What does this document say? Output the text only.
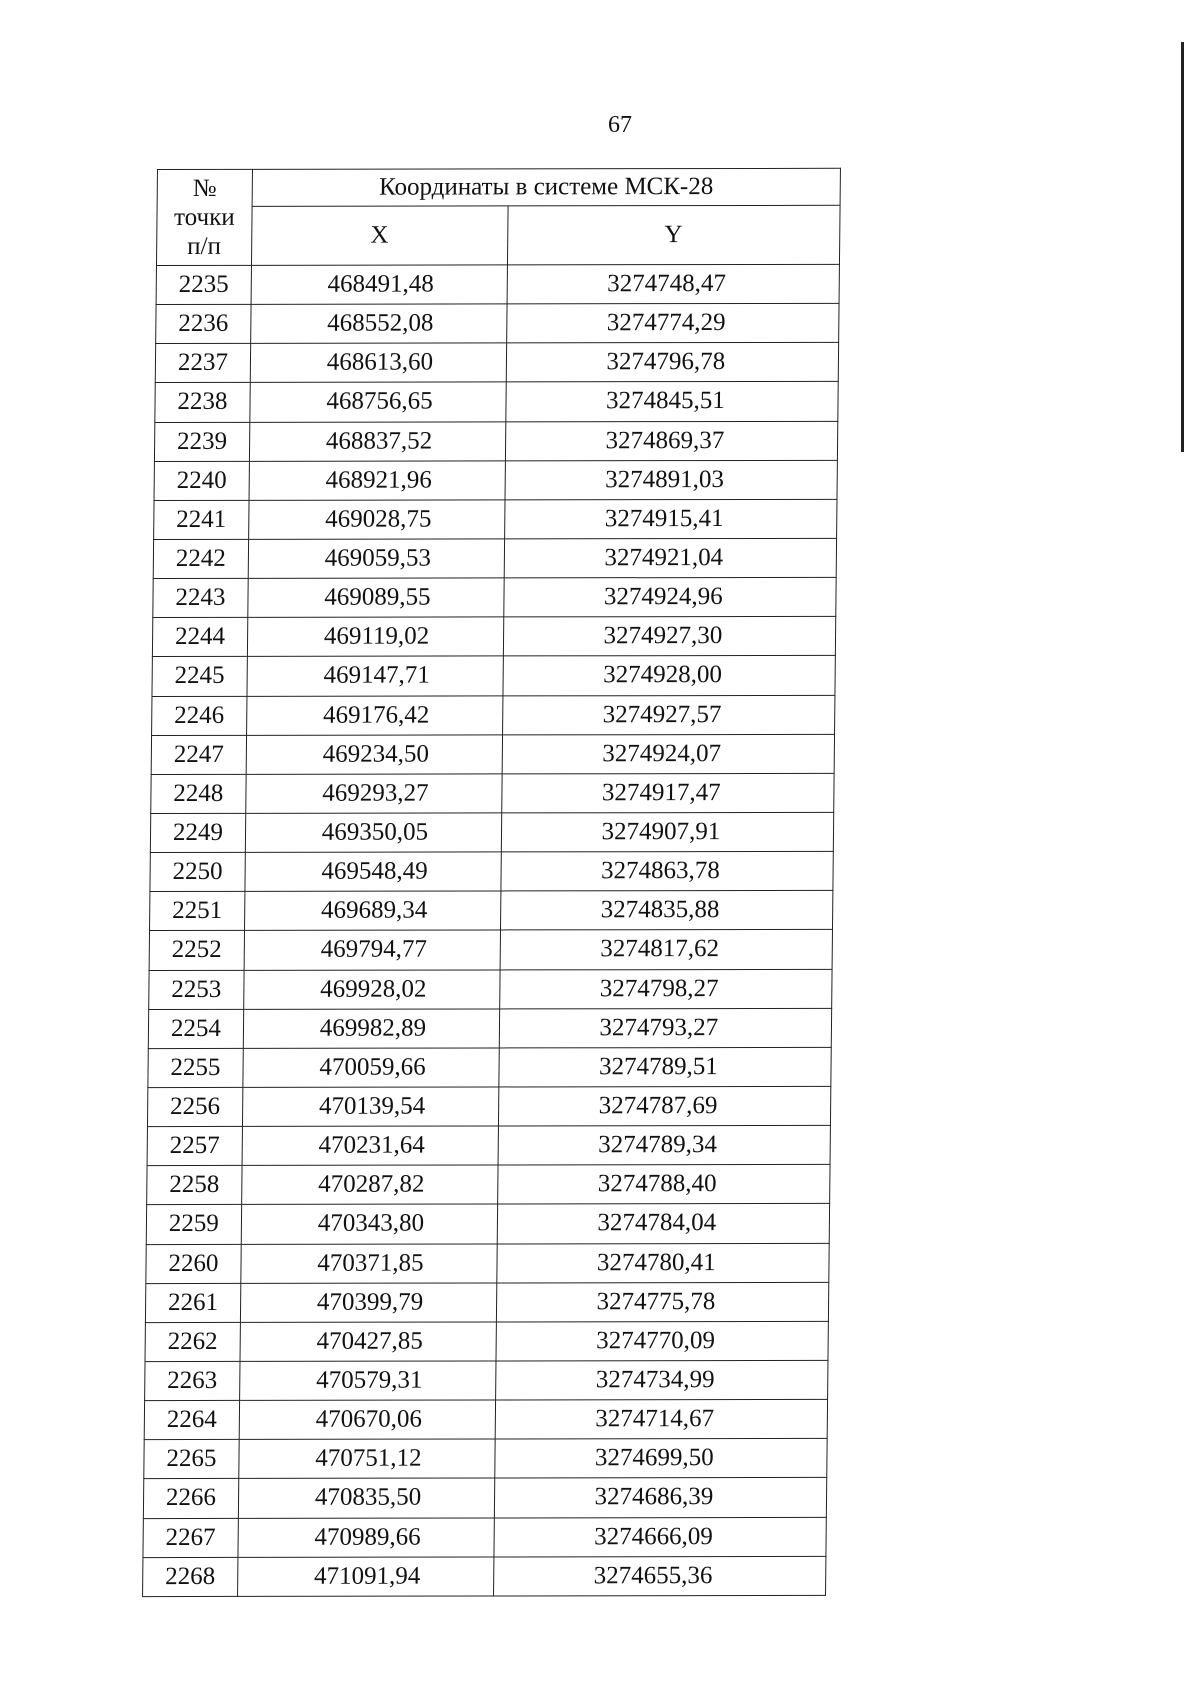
67
№
точки
п/п	Координаты в системе МСК-28	
	X	Y
2235	468491,48	3274748,47
2236	468552,08	3274774,29
2237	468613,60	3274796,78
2238	468756,65	3274845,51
2239	468837,52	3274869,37
2240	468921,96	3274891,03
2241	469028,75	3274915,41
2242	469059,53	3274921,04
2243	469089,55	3274924,96
2244	469119,02	3274927,30
2245	469147,71	3274928,00
2246	469176,42	3274927,57
2247	469234,50	3274924,07
2248	469293,27	3274917,47
2249	469350,05	3274907,91
2250	469548,49	3274863,78
2251	469689,34	3274835,88
2252	469794,77	3274817,62
2253	469928,02	3274798,27
2254	469982,89	3274793,27
2255	470059,66	3274789,51
2256	470139,54	3274787,69
2257	470231,64	3274789,34
2258	470287,82	3274788,40
2259	470343,80	3274784,04
2260	470371,85	3274780,41
2261	470399,79	3274775,78
2262	470427,85	3274770,09
2263	470579,31	3274734,99
2264	470670,06	3274714,67
2265	470751,12	3274699,50
2266	470835,50	3274686,39
2267	470989,66	3274666,09
2268	471091,94	3274655,36
